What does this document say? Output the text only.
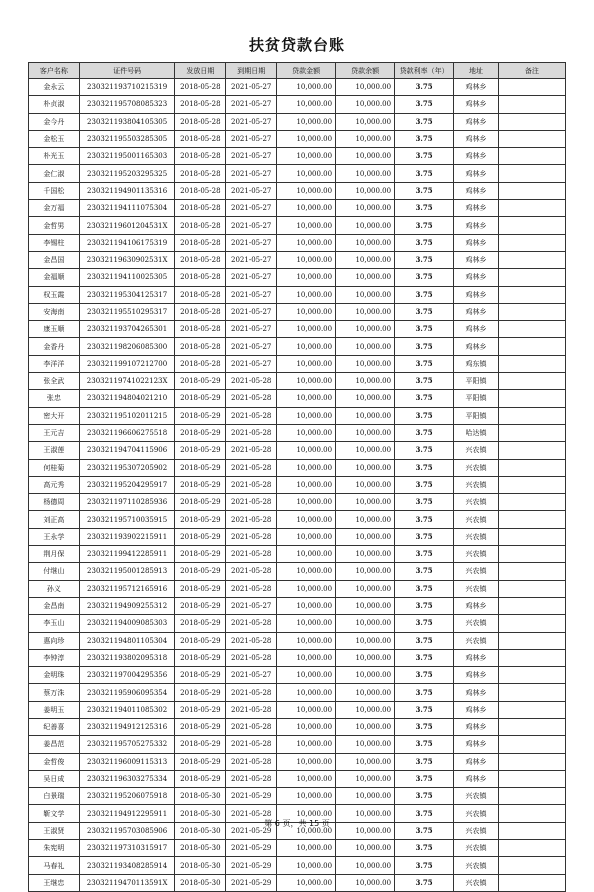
扶贫贷款台账
客户名称	证件号码	发放日期	到期日期	贷款金额	贷款余额	贷款利率（年）	地址	备注
金永云	230321193710215319	2018-05-28	2021-05-27	10,000.00	10,000.00	3.75	鸡林乡	
朴贞淑	230321195708085323	2018-05-28	2021-05-27	10,000.00	10,000.00	3.75	鸡林乡	
金今丹	230321193804105305	2018-05-28	2021-05-27	10,000.00	10,000.00	3.75	鸡林乡	
金松玉	230321195503285305	2018-05-28	2021-05-27	10,000.00	10,000.00	3.75	鸡林乡	
朴光玉	230321195001165303	2018-05-28	2021-05-27	10,000.00	10,000.00	3.75	鸡林乡	
金仁淑	230321195203295325	2018-05-28	2021-05-27	10,000.00	10,000.00	3.75	鸡林乡	
千国松	230321194901135316	2018-05-28	2021-05-27	10,000.00	10,000.00	3.75	鸡林乡	
金万福	230321194111075304	2018-05-28	2021-05-27	10,000.00	10,000.00	3.75	鸡林乡	
金哲男	23032119601204531X	2018-05-28	2021-05-27	10,000.00	10,000.00	3.75	鸡林乡	
李锡柱	230321194106175319	2018-05-28	2021-05-27	10,000.00	10,000.00	3.75	鸡林乡	
金昌国	23032119630902531X	2018-05-28	2021-05-27	10,000.00	10,000.00	3.75	鸡林乡	
金福顺	230321194110025305	2018-05-28	2021-05-27	10,000.00	10,000.00	3.75	鸡林乡	
权玉霞	230321195304125317	2018-05-28	2021-05-27	10,000.00	10,000.00	3.75	鸡林乡	
安海南	230321195510295317	2018-05-28	2021-05-27	10,000.00	10,000.00	3.75	鸡林乡	
康玉顺	230321193704265301	2018-05-28	2021-05-27	10,000.00	10,000.00	3.75	鸡林乡	
金香丹	230321198206085300	2018-05-28	2021-05-27	10,000.00	10,000.00	3.75	鸡林乡	
李洋洋	230321199107212700	2018-05-28	2021-05-27	10,000.00	10,000.00	3.75	鸡东镇	
张全武	23032119741022123X	2018-05-29	2021-05-28	10,000.00	10,000.00	3.75	平阳镇	
张忠	230321194804021210	2018-05-29	2021-05-28	10,000.00	10,000.00	3.75	平阳镇	
密大开	230321195102011215	2018-05-29	2021-05-28	10,000.00	10,000.00	3.75	平阳镇	
王元吉	230321196606275518	2018-05-29	2021-05-28	10,000.00	10,000.00	3.75	哈达镇	
王淑莲	230321194704115906	2018-05-29	2021-05-28	10,000.00	10,000.00	3.75	兴农镇	
何桂菊	230321195307205902	2018-05-29	2021-05-28	10,000.00	10,000.00	3.75	兴农镇	
高元秀	230321195204295917	2018-05-29	2021-05-28	10,000.00	10,000.00	3.75	兴农镇	
杨德周	230321197110285936	2018-05-29	2021-05-28	10,000.00	10,000.00	3.75	兴农镇	
刘正高	230321195710035915	2018-05-29	2021-05-28	10,000.00	10,000.00	3.75	兴农镇	
王永学	230321193902215911	2018-05-29	2021-05-28	10,000.00	10,000.00	3.75	兴农镇	
荆月保	230321199412285911	2018-05-29	2021-05-28	10,000.00	10,000.00	3.75	兴农镇	
付继山	230321195001285913	2018-05-29	2021-05-28	10,000.00	10,000.00	3.75	兴农镇	
孙义	230321195712165916	2018-05-29	2021-05-28	10,000.00	10,000.00	3.75	兴农镇	
金昌南	230321194909255312	2018-05-29	2021-05-27	10,000.00	10,000.00	3.75	鸡林乡	
李玉山	230321194009085303	2018-05-29	2021-05-28	10,000.00	10,000.00	3.75	兴农镇	
惠向珍	230321194801105304	2018-05-29	2021-05-28	10,000.00	10,000.00	3.75	兴农镇	
李钟淳	230321193802095318	2018-05-29	2021-05-28	10,000.00	10,000.00	3.75	鸡林乡	
金明珠	230321197004295356	2018-05-29	2021-05-27	10,000.00	10,000.00	3.75	鸡林乡	
蔡万洙	230321195906095354	2018-05-29	2021-05-28	10,000.00	10,000.00	3.75	鸡林乡	
姜明玉	230321194011085302	2018-05-29	2021-05-28	10,000.00	10,000.00	3.75	鸡林乡	
纪善喜	230321194912125316	2018-05-29	2021-05-28	10,000.00	10,000.00	3.75	鸡林乡	
姜昌范	230321195705275332	2018-05-29	2021-05-28	10,000.00	10,000.00	3.75	鸡林乡	
金哲俊	230321196009115313	2018-05-29	2021-05-28	10,000.00	10,000.00	3.75	鸡林乡	
吴日成	230321196303275334	2018-05-29	2021-05-28	10,000.00	10,000.00	3.75	鸡林乡	
白景瑞	230321195206075918	2018-05-30	2021-05-29	10,000.00	10,000.00	3.75	兴农镇	
靳文学	230321194912295911	2018-05-30	2021-05-28	10,000.00	10,000.00	3.75	兴农镇	
王淑贤	230321195703085906	2018-05-30	2021-05-29	10,000.00	10,000.00	3.75	兴农镇	
朱宪明	230321197310315917	2018-05-30	2021-05-29	10,000.00	10,000.00	3.75	兴农镇	
马春礼	230321193408285914	2018-05-30	2021-05-29	10,000.00	10,000.00	3.75	兴农镇	
王继忠	23032119470113591X	2018-05-30	2021-05-29	10,000.00	10,000.00	3.75	兴农镇	
第 6 页，共 15 页
